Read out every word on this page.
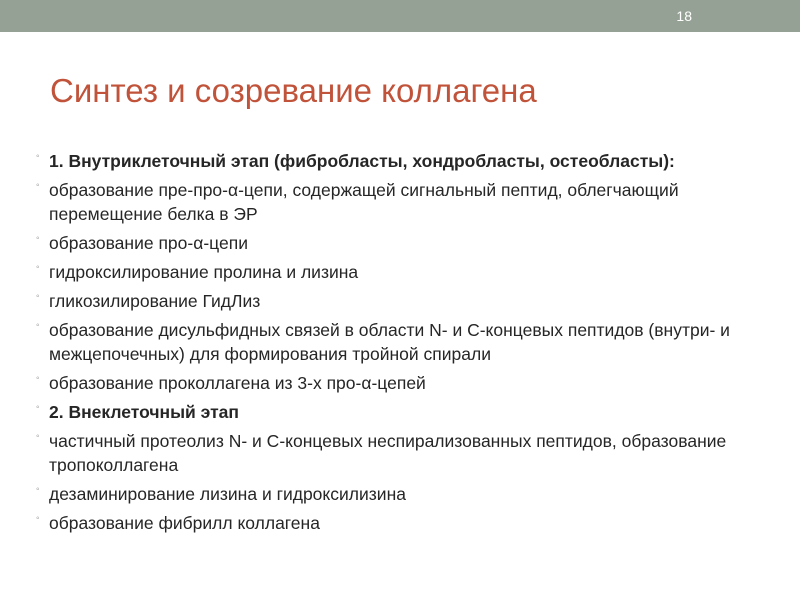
18
Синтез и созревание коллагена
◦ 1. Внутриклеточный этап (фибробласты, хондробласты, остеобласты):
◦ образование пре-про-α-цепи, содержащей сигнальный пептид, облегчающий перемещение белка в ЭР
◦ образование про-α-цепи
◦ гидроксилирование пролина и лизина
◦ гликозилирование ГидЛиз
◦ образование дисульфидных связей в области N- и C-концевых пептидов (внутри- и межцепочечных) для формирования тройной спирали
◦ образование проколлагена из 3-х про-α-цепей
◦ 2. Внеклеточный этап
◦ частичный протеолиз N- и C-концевых неспирализованных пептидов, образование тропоколлагена
◦ дезаминирование лизина и гидроксилизина
◦ образование фибрилл коллагена
